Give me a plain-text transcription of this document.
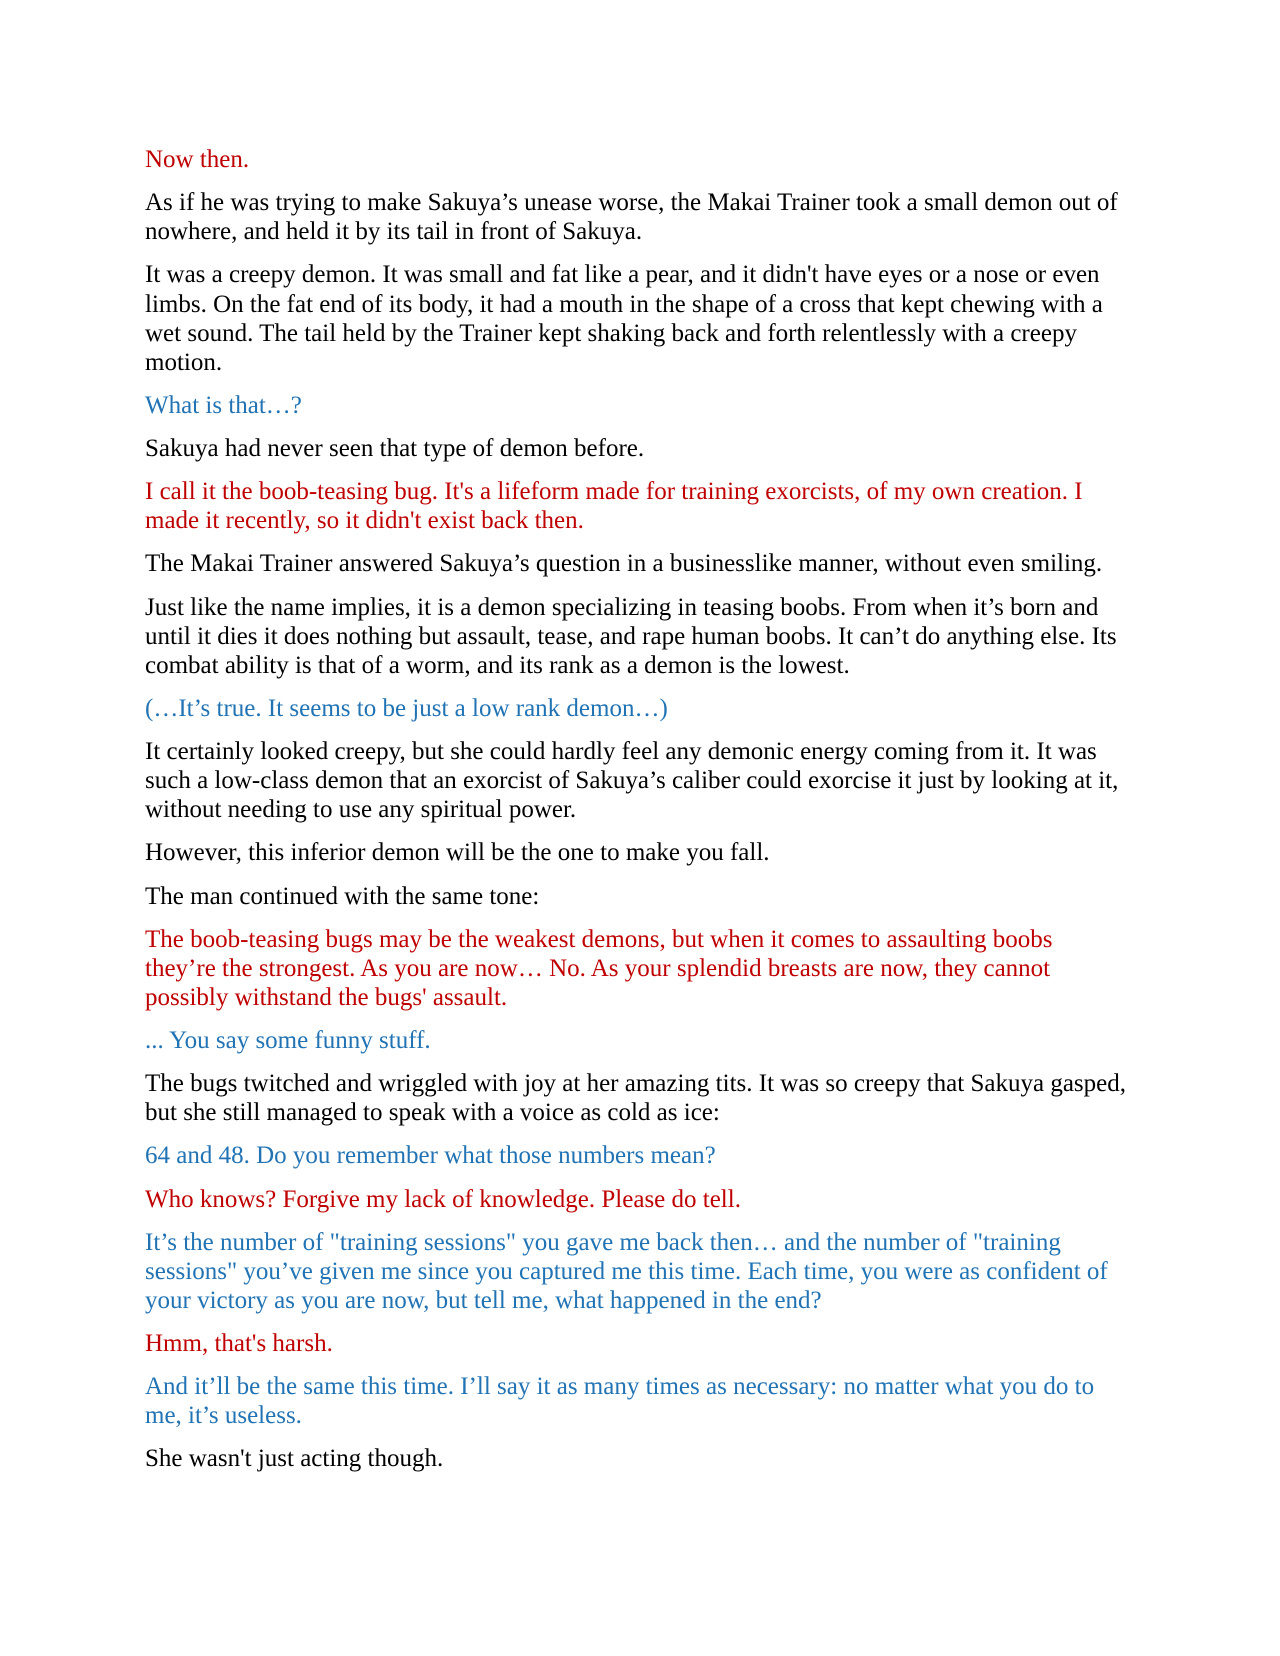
Now then.

As if he was trying to make Sakuya’s unease worse, the Makai Trainer took a small demon out of nowhere, and held it by its tail in front of Sakuya.

It was a creepy demon. It was small and fat like a pear, and it didn't have eyes or a nose or even limbs. On the fat end of its body, it had a mouth in the shape of a cross that kept chewing with a wet sound. The tail held by the Trainer kept shaking back and forth relentlessly with a creepy motion.

What is that…?

Sakuya had never seen that type of demon before.

I call it the boob-teasing bug. It's a lifeform made for training exorcists, of my own creation. I made it recently, so it didn't exist back then.

The Makai Trainer answered Sakuya’s question in a businesslike manner, without even smiling.

Just like the name implies, it is a demon specializing in teasing boobs. From when it’s born and until it dies it does nothing but assault, tease, and rape human boobs. It can’t do anything else. Its combat ability is that of a worm, and its rank as a demon is the lowest.

(…It’s true. It seems to be just a low rank demon…)

It certainly looked creepy, but she could hardly feel any demonic energy coming from it. It was such a low-class demon that an exorcist of Sakuya’s caliber could exorcise it just by looking at it, without needing to use any spiritual power.

However, this inferior demon will be the one to make you fall.

The man continued with the same tone:

The boob-teasing bugs may be the weakest demons, but when it comes to assaulting boobs they’re the strongest. As you are now… No. As your splendid breasts are now, they cannot possibly withstand the bugs' assault.

... You say some funny stuff.

The bugs twitched and wriggled with joy at her amazing tits. It was so creepy that Sakuya gasped, but she still managed to speak with a voice as cold as ice:

64 and 48. Do you remember what those numbers mean?

Who knows? Forgive my lack of knowledge. Please do tell.

It’s the number of "training sessions" you gave me back then… and the number of "training sessions" you’ve given me since you captured me this time. Each time, you were as confident of your victory as you are now, but tell me, what happened in the end?

Hmm, that's harsh.

And it’ll be the same this time. I’ll say it as many times as necessary: no matter what you do to me, it’s useless.

She wasn't just acting though.
